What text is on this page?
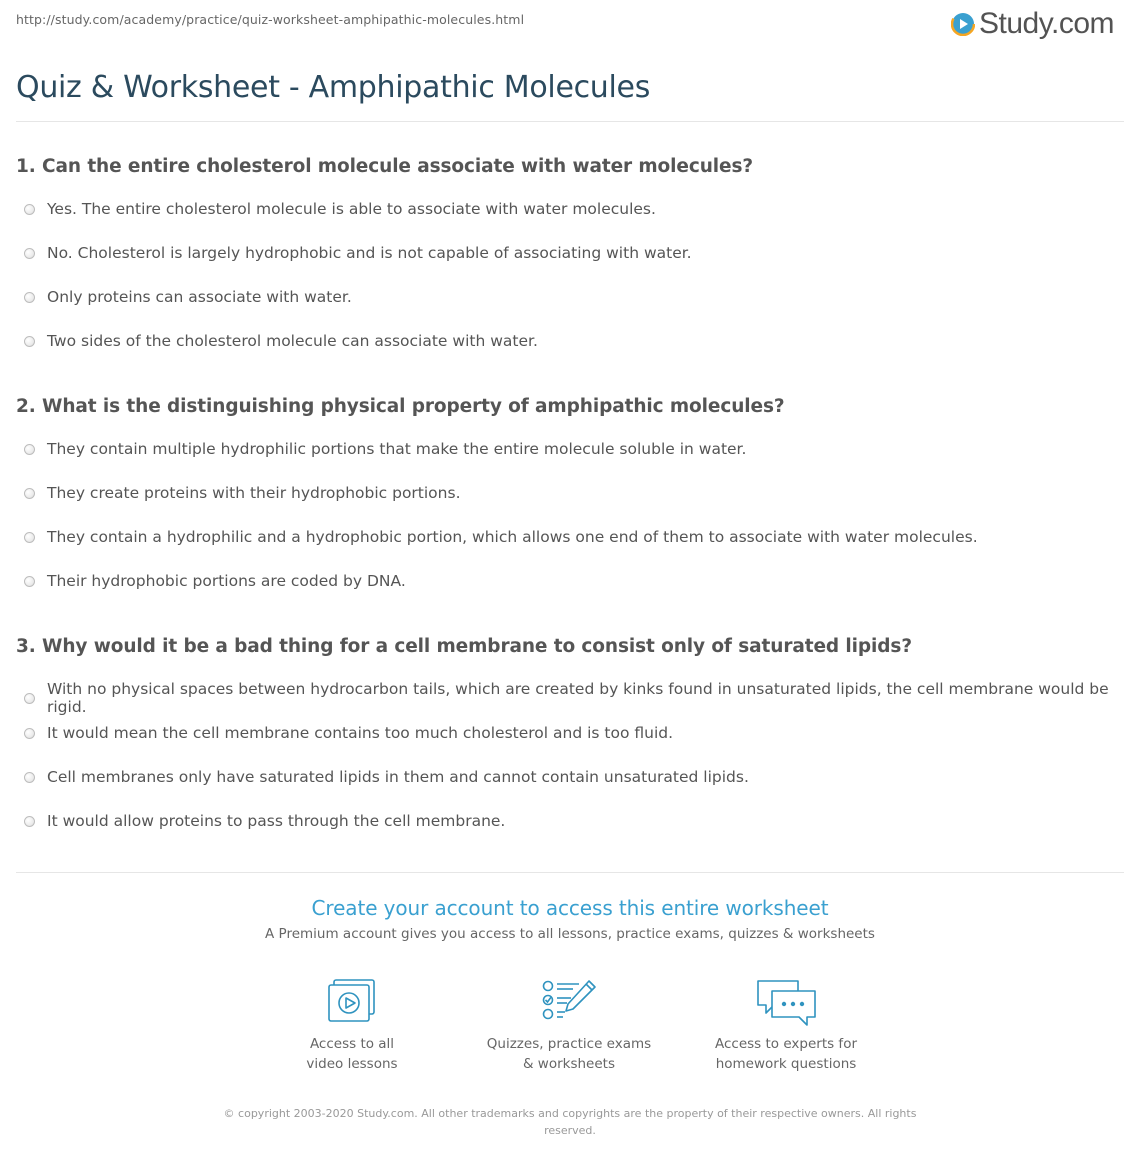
http://study.com/academy/practice/quiz-worksheet-amphipathic-molecules.html	Study.com
Quiz & Worksheet - Amphipathic Molecules
1. Can the entire cholesterol molecule associate with water molecules?
Yes. The entire cholesterol molecule is able to associate with water molecules.
No. Cholesterol is largely hydrophobic and is not capable of associating with water.
Only proteins can associate with water.
Two sides of the cholesterol molecule can associate with water.
2. What is the distinguishing physical property of amphipathic molecules?
They contain multiple hydrophilic portions that make the entire molecule soluble in water.
They create proteins with their hydrophobic portions.
They contain a hydrophilic and a hydrophobic portion, which allows one end of them to associate with water molecules.
Their hydrophobic portions are coded by DNA.
3. Why would it be a bad thing for a cell membrane to consist only of saturated lipids?
With no physical spaces between hydrocarbon tails, which are created by kinks found in unsaturated lipids, the cell membrane would be rigid.
It would mean the cell membrane contains too much cholesterol and is too fluid.
Cell membranes only have saturated lipids in them and cannot contain unsaturated lipids.
It would allow proteins to pass through the cell membrane.
Create your account to access this entire worksheet
A Premium account gives you access to all lessons, practice exams, quizzes & worksheets
Access to all
video lessons
Quizzes, practice exams
& worksheets
Access to experts for
homework questions
© copyright 2003-2020 Study.com. All other trademarks and copyrights are the property of their respective owners. All rights reserved.
